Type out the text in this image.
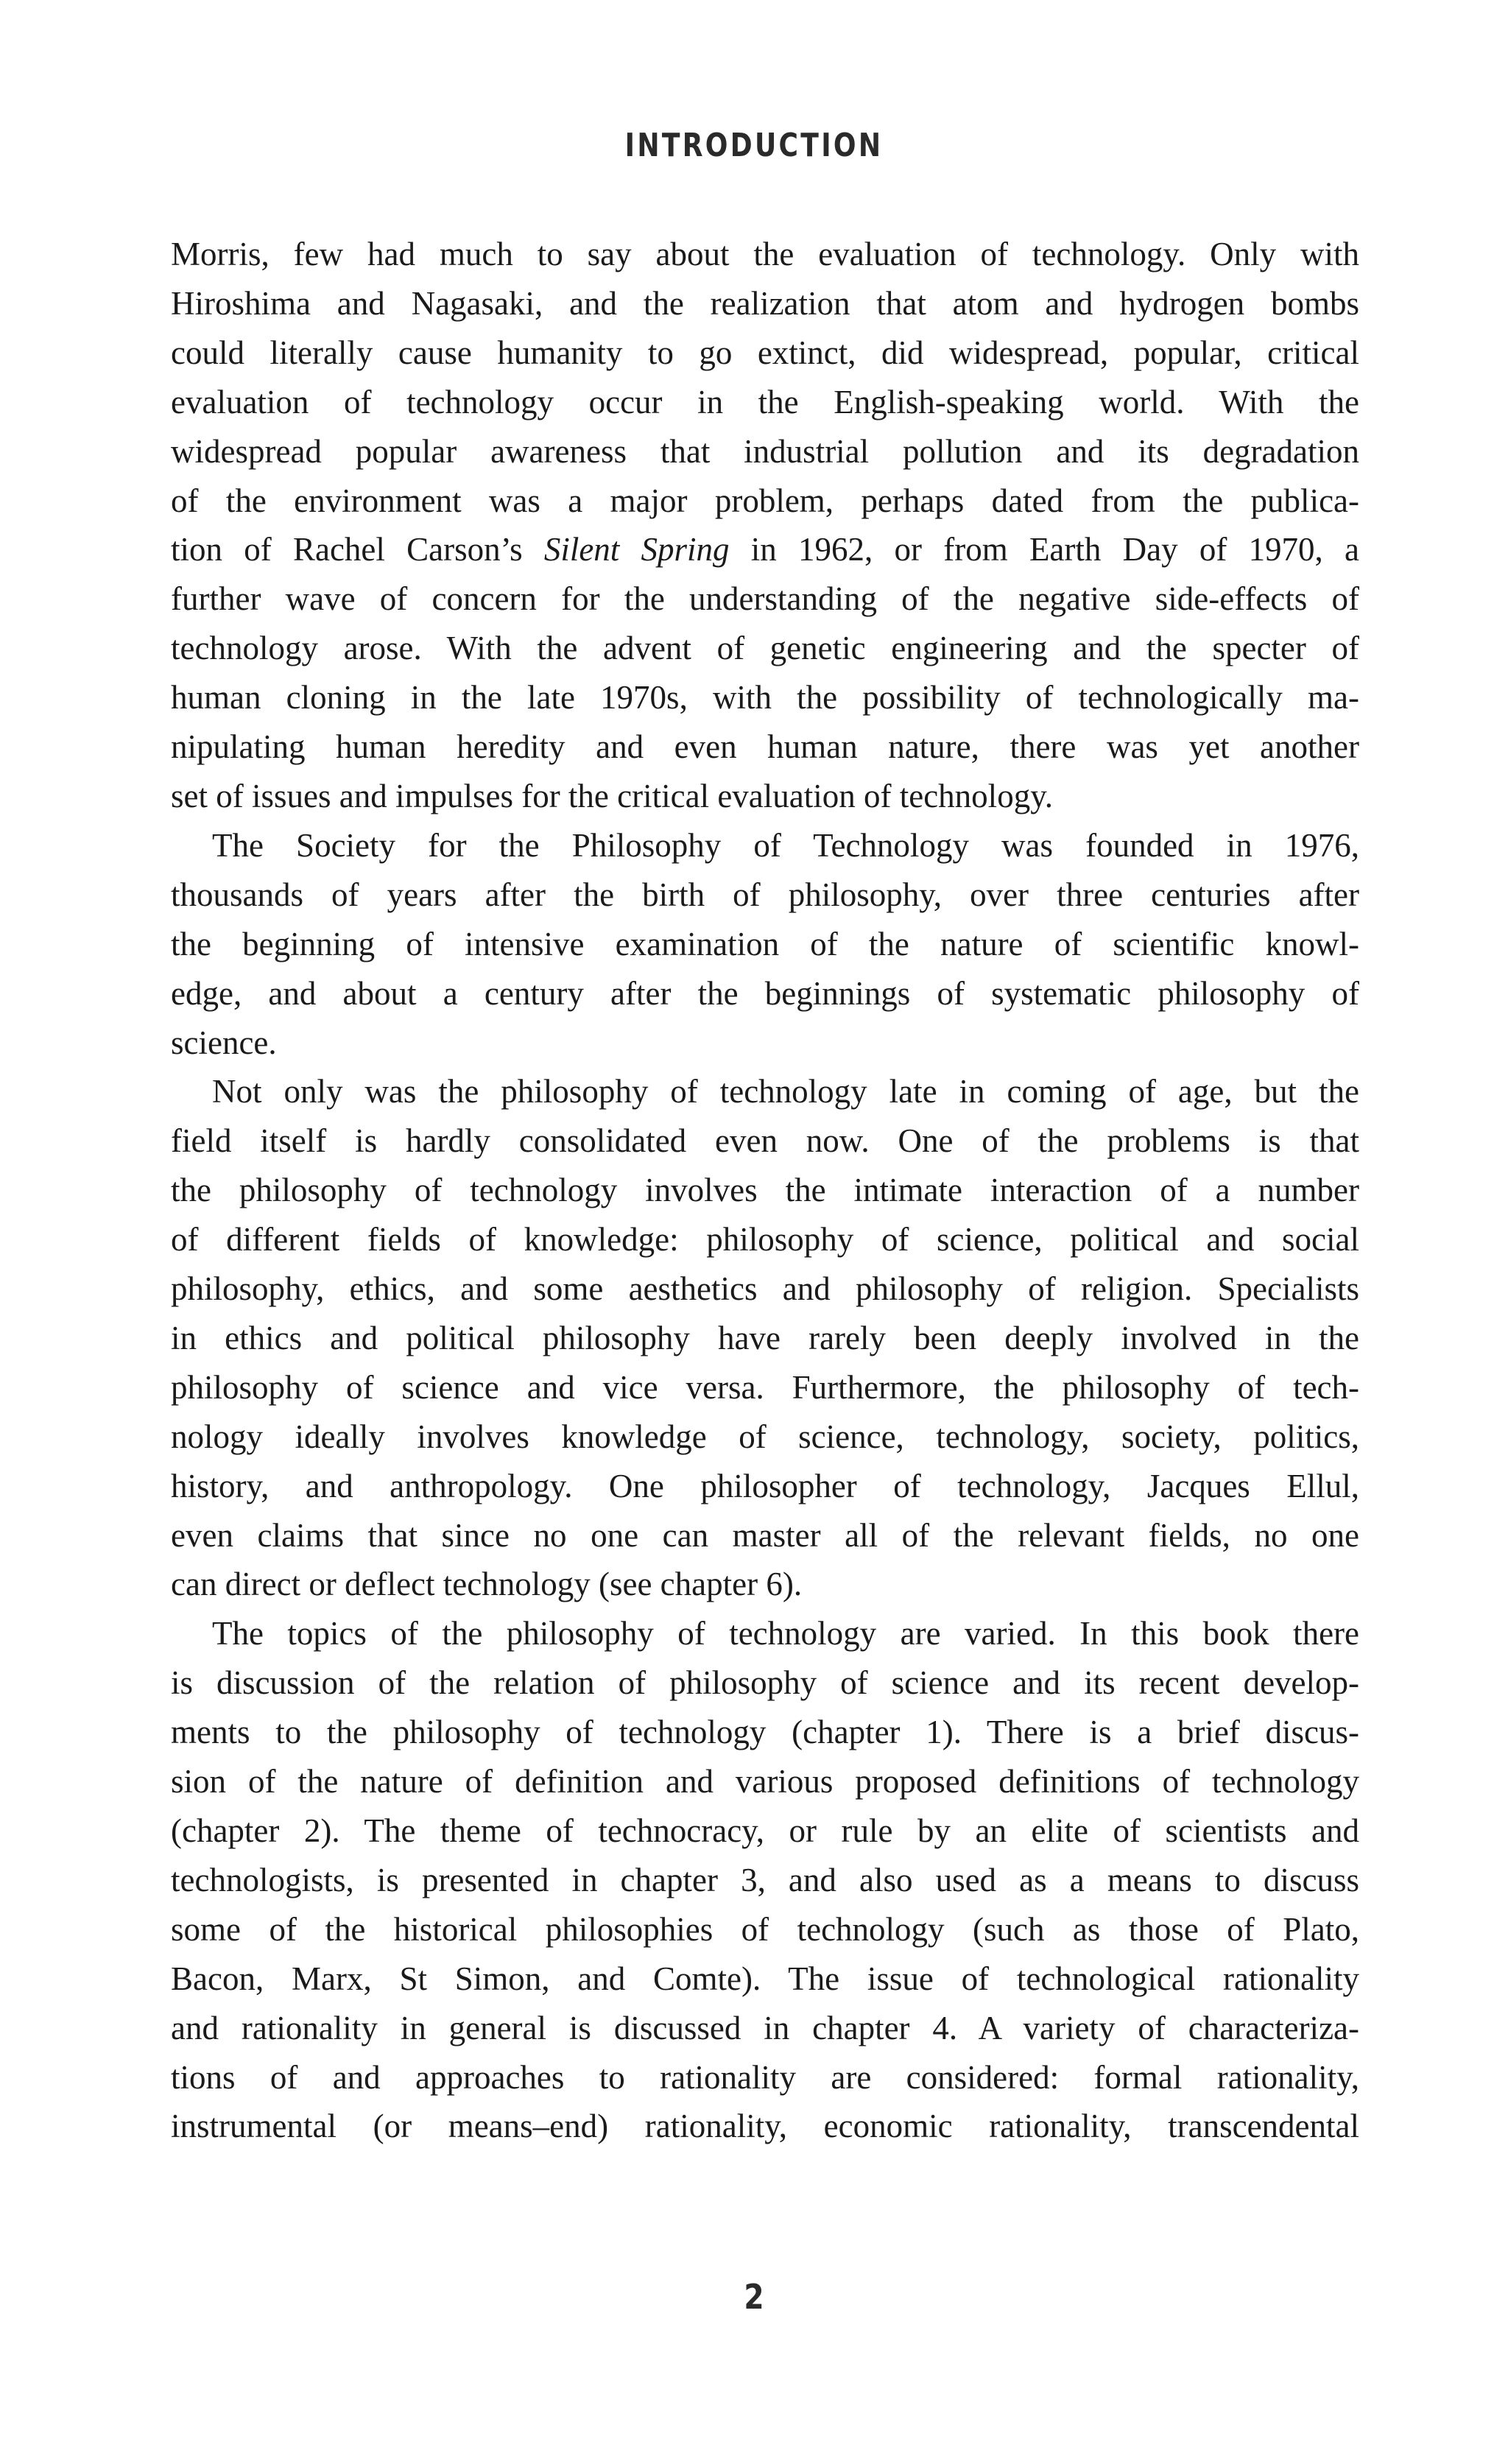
INTRODUCTION
Morris, few had much to say about the evaluation of technology. Only with
Hiroshima and Nagasaki, and the realization that atom and hydrogen bombs
could literally cause humanity to go extinct, did widespread, popular, critical
evaluation of technology occur in the English-speaking world. With the
widespread popular awareness that industrial pollution and its degradation
of the environment was a major problem, perhaps dated from the publica-
tion of Rachel Carson’s Silent Spring in 1962, or from Earth Day of 1970, a
further wave of concern for the understanding of the negative side-effects of
technology arose. With the advent of genetic engineering and the specter of
human cloning in the late 1970s, with the possibility of technologically ma-
nipulating human heredity and even human nature, there was yet another
set of issues and impulses for the critical evaluation of technology.
The Society for the Philosophy of Technology was founded in 1976,
thousands of years after the birth of philosophy, over three centuries after
the beginning of intensive examination of the nature of scientific knowl-
edge, and about a century after the beginnings of systematic philosophy of
science.
Not only was the philosophy of technology late in coming of age, but the
field itself is hardly consolidated even now. One of the problems is that
the philosophy of technology involves the intimate interaction of a number
of different fields of knowledge: philosophy of science, political and social
philosophy, ethics, and some aesthetics and philosophy of religion. Specialists
in ethics and political philosophy have rarely been deeply involved in the
philosophy of science and vice versa. Furthermore, the philosophy of tech-
nology ideally involves knowledge of science, technology, society, politics,
history, and anthropology. One philosopher of technology, Jacques Ellul,
even claims that since no one can master all of the relevant fields, no one
can direct or deflect technology (see chapter 6).
The topics of the philosophy of technology are varied. In this book there
is discussion of the relation of philosophy of science and its recent develop-
ments to the philosophy of technology (chapter 1). There is a brief discus-
sion of the nature of definition and various proposed definitions of technology
(chapter 2). The theme of technocracy, or rule by an elite of scientists and
technologists, is presented in chapter 3, and also used as a means to discuss
some of the historical philosophies of technology (such as those of Plato,
Bacon, Marx, St Simon, and Comte). The issue of technological rationality
and rationality in general is discussed in chapter 4. A variety of characteriza-
tions of and approaches to rationality are considered: formal rationality,
instrumental (or means–end) rationality, economic rationality, transcendental
2
